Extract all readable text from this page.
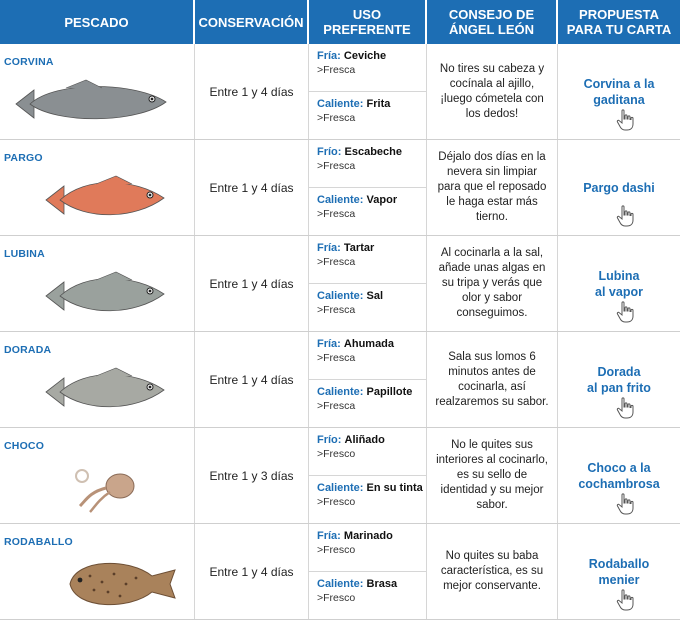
PESCADO	CONSERVACIÓN	USO
PREFERENTE
CONSEJO DE
ÁNGEL LEÓN
PROPUESTA
PARA TU CARTA
CORVINA
Entre 1 y 4 días
Fría: Ceviche
>Fresca
Caliente: Frita
>Fresca
No tires su cabeza y cocínala al ajillo, ¡luego cómetela con los dedos!
Corvina a la
gaditana
PARGO
Entre 1 y 4 días
Frío: Escabeche
>Fresca
Caliente: Vapor
>Fresca
Déjalo dos días en la nevera sin limpiar para que el reposado le haga estar más tierno.
Pargo dashi
LUBINA
Entre 1 y 4 días
Fría: Tartar
>Fresca
Caliente: Sal
>Fresca
Al cocinarla a la sal, añade unas algas en su tripa y verás que olor y sabor conseguimos.
Lubina
al vapor
DORADA
Entre 1 y 4 días
Fría: Ahumada
>Fresca
Caliente: Papillote
>Fresca
Sala sus lomos 6 minutos antes de cocinarla, así realzaremos su sabor.
Dorada
al pan frito
CHOCO
Entre 1 y 3 días
Frío: Aliñado
>Fresco
Caliente: En su tinta
>Fresco
No le quites sus interiores al cocinarlo, es su sello de identidad y su mejor sabor.
Choco a la
cochambrosa
RODABALLO
Entre 1 y 4 días
Fría: Marinado
>Fresco
Caliente: Brasa
>Fresco
No quites su baba característica, es su mejor conservante.
Rodaballo
menier
